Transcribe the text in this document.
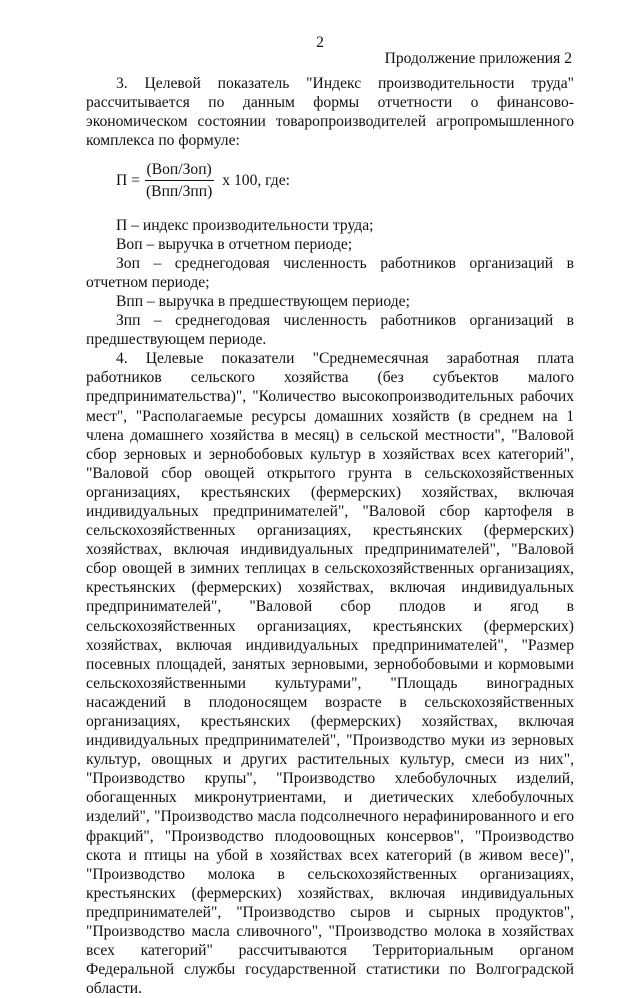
2
Продолжение приложения 2

3. Целевой показатель "Индекс производительности труда" рассчитывается по данным формы отчетности о финансово-экономическом состоянии товаропроизводителей агропромышленного комплекса по формуле:

$П = \frac{\text{(Воп/Зоп)}}{\text{(Впп/Зпп)}}$ х 100, где:

П – индекс производительности труда;

Воп – выручка в отчетном периоде;

Зоп – среднегодовая численность работников организаций в отчетном периоде;

Впп – выручка в предшествующем периоде;

Зпп – среднегодовая численность работников организаций в предшествующем периоде.

4. Целевые показатели "Среднемесячная заработная плата работников сельского хозяйства (без субъектов малого предпринимательства)", "Количество высокопроизводительных рабочих мест", "Располагаемые ресурсы домашних хозяйств (в среднем на 1 члена домашнего хозяйства в месяц) в сельской местности", "Валовой сбор зерновых и зернобобовых культур в хозяйствах всех категорий", "Валовой сбор овощей открытого грунта в сельскохозяйственных организациях, крестьянских (фермерских) хозяйствах, включая индивидуальных предпринимателей", "Валовой сбор картофеля в сельскохозяйственных организациях, крестьянских (фермерских) хозяйствах, включая индивидуальных предпринимателей", "Валовой сбор овощей в зимних теплицах в сельскохозяйственных организациях, крестьянских (фермерских) хозяйствах, включая индивидуальных предпринимателей", "Валовой сбор плодов и ягод в сельскохозяйственных организациях, крестьянских (фермерских) хозяйствах, включая индивидуальных предпринимателей", "Размер посевных площадей, занятых зерновыми, зернобобовыми и кормовыми сельскохозяйственными культурами", "Площадь виноградных насаждений в плодоносящем возрасте в сельскохозяйственных организациях, крестьянских (фермерских) хозяйствах, включая индивидуальных предпринимателей", "Производство муки из зерновых культур, овощных и других растительных культур, смеси из них", "Производство крупы", "Производство хлебобулочных изделий, обогащенных микронутриентами, и диетических хлебобулочных изделий", "Производство масла подсолнечного нерафинированного и его фракций", "Производство плодоовощных консервов", "Производство скота и птицы на убой в хозяйствах всех категорий (в живом весе)", "Производство молока в сельскохозяйственных организациях, крестьянских (фермерских) хозяйствах, включая индивидуальных предпринимателей", "Производство сыров и сырных продуктов", "Производство масла сливочного", "Производство молока в хозяйствах всех категорий" рассчитываются Территориальным органом Федеральной службы государственной статистики по Волгоградской области.
